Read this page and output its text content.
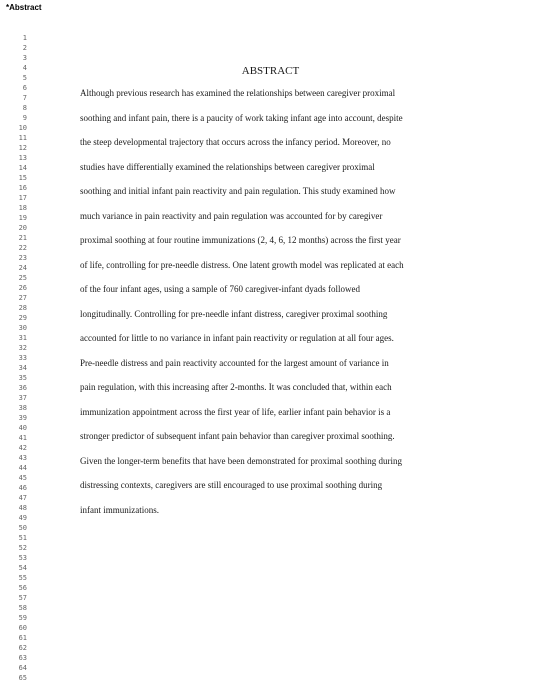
*Abstract
1
2
3
4
5
6
7
8
9
10
11
12
13
14
15
16
17
18
19
20
21
22
23
24
25
26
27
28
29
30
31
32
33
34
35
36
37
38
39
40
41
42
43
44
45
46
47
48
49
50
51
52
53
54
55
56
57
58
59
60
61
62
63
64
65
ABSTRACT
Although previous research has examined the relationships between caregiver proximal
soothing and infant pain, there is a paucity of work taking infant age into account, despite
the steep developmental trajectory that occurs across the infancy period. Moreover, no
studies have differentially examined the relationships between caregiver proximal
soothing and initial infant pain reactivity and pain regulation. This study examined how
much variance in pain reactivity and pain regulation was accounted for by caregiver
proximal soothing at four routine immunizations (2, 4, 6, 12 months) across the first year
of life, controlling for pre-needle distress. One latent growth model was replicated at each
of the four infant ages, using a sample of 760 caregiver-infant dyads followed
longitudinally. Controlling for pre-needle infant distress, caregiver proximal soothing
accounted for little to no variance in infant pain reactivity or regulation at all four ages.
Pre-needle distress and pain reactivity accounted for the largest amount of variance in
pain regulation, with this increasing after 2-months. It was concluded that, within each
immunization appointment across the first year of life, earlier infant pain behavior is a
stronger predictor of subsequent infant pain behavior than caregiver proximal soothing.
Given the longer-term benefits that have been demonstrated for proximal soothing during
distressing contexts, caregivers are still encouraged to use proximal soothing during
infant immunizations.
